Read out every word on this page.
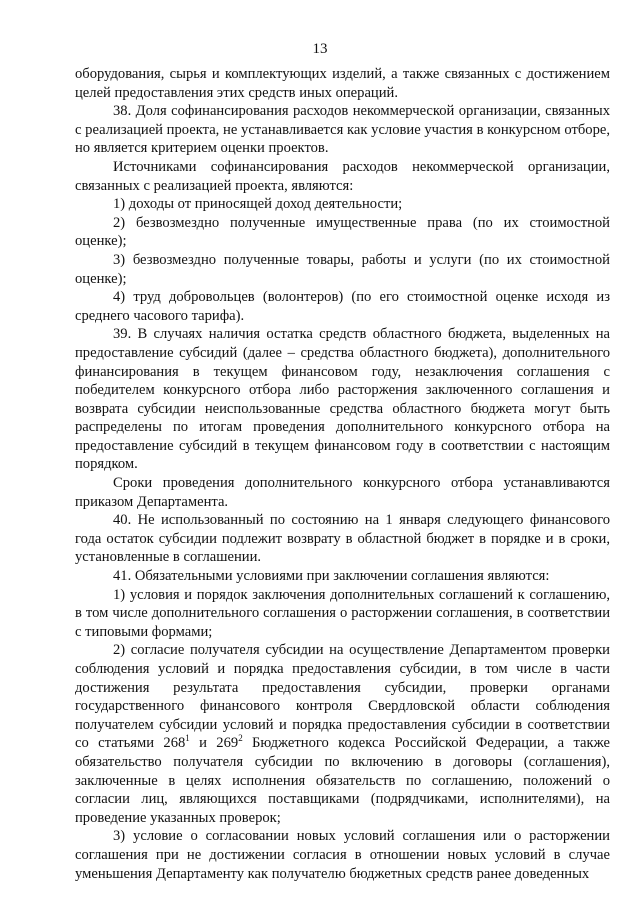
13

оборудования, сырья и комплектующих изделий, а также связанных с достижением целей предоставления этих средств иных операций.

38. Доля софинансирования расходов некоммерческой организации, связанных с реализацией проекта, не устанавливается как условие участия в конкурсном отборе, но является критерием оценки проектов.

Источниками софинансирования расходов некоммерческой организации, связанных с реализацией проекта, являются:

1) доходы от приносящей доход деятельности;

2) безвозмездно полученные имущественные права (по их стоимостной оценке);

3) безвозмездно полученные товары, работы и услуги (по их стоимостной оценке);

4) труд добровольцев (волонтеров) (по его стоимостной оценке исходя из среднего часового тарифа).

39. В случаях наличия остатка средств областного бюджета, выделенных на предоставление субсидий (далее – средства областного бюджета), дополнительного финансирования в текущем финансовом году, незаключения соглашения с победителем конкурсного отбора либо расторжения заключенного соглашения и возврата субсидии неиспользованные средства областного бюджета могут быть распределены по итогам проведения дополнительного конкурсного отбора на предоставление субсидий в текущем финансовом году в соответствии с настоящим порядком.

Сроки проведения дополнительного конкурсного отбора устанавливаются приказом Департамента.

40. Не использованный по состоянию на 1 января следующего финансового года остаток субсидии подлежит возврату в областной бюджет в порядке и в сроки, установленные в соглашении.

41. Обязательными условиями при заключении соглашения являются:

1) условия и порядок заключения дополнительных соглашений к соглашению, в том числе дополнительного соглашения о расторжении соглашения, в соответствии с типовыми формами;

2) согласие получателя субсидии на осуществление Департаментом проверки соблюдения условий и порядка предоставления субсидии, в том числе в части достижения результата предоставления субсидии, проверки органами государственного финансового контроля Свердловской области соблюдения получателем субсидии условий и порядка предоставления субсидии в соответствии со статьями $268^1$ и $269^2$ Бюджетного кодекса Российской Федерации, а также обязательство получателя субсидии по включению в договоры (соглашения), заключенные в целях исполнения обязательств по соглашению, положений о согласии лиц, являющихся поставщиками (подрядчиками, исполнителями), на проведение указанных проверок;

3) условие о согласовании новых условий соглашения или о расторжении соглашения при не достижении согласия в отношении новых условий в случае уменьшения Департаменту как получателю бюджетных средств ранее доведенных
